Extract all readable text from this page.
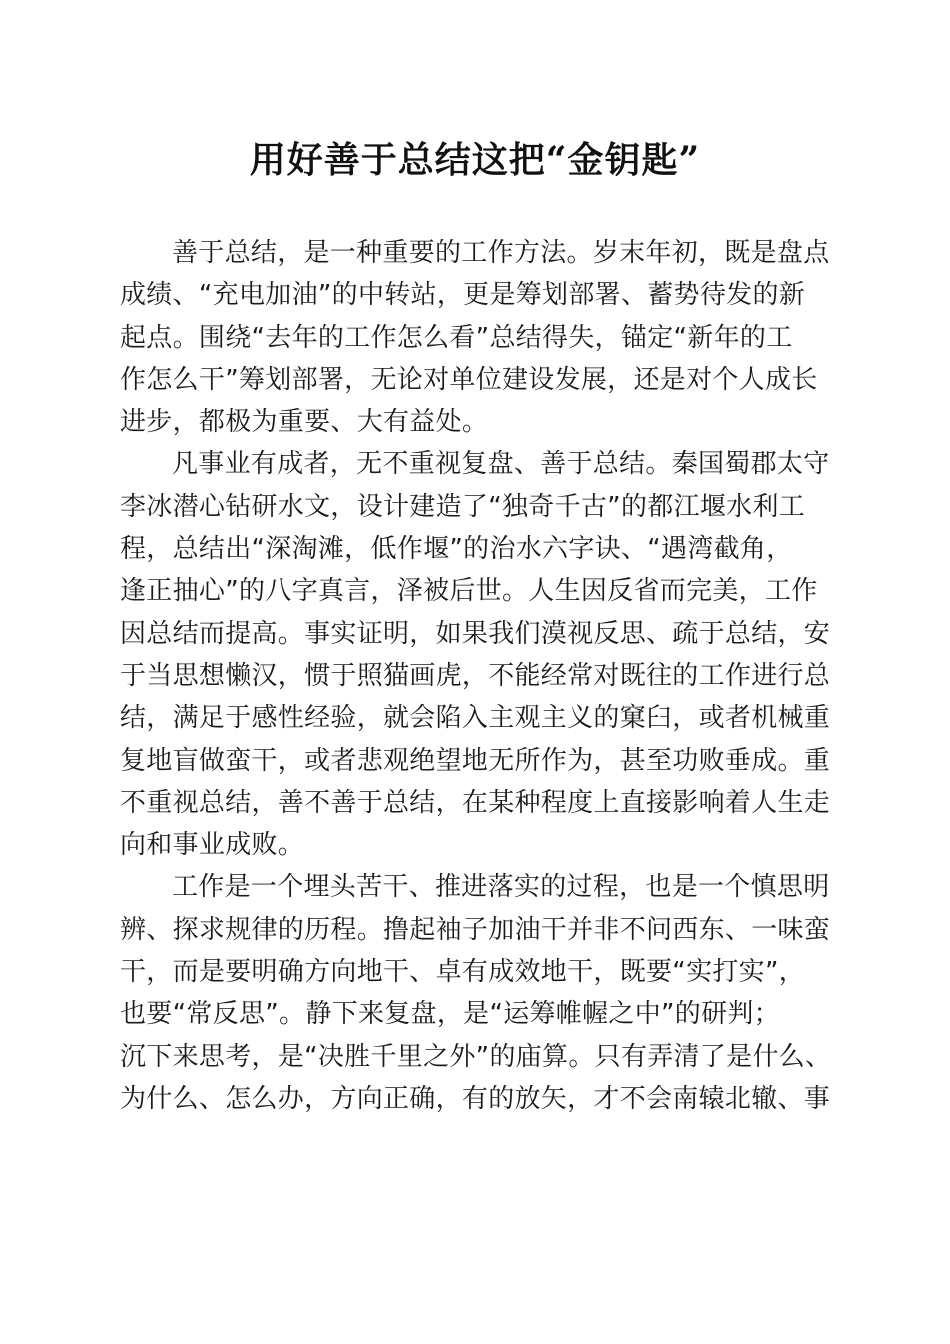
用好善于总结这把“金钥匙”
善于总结，是一种重要的工作方法。岁末年初，既是盘点
成绩、“充电加油”的中转站，更是筹划部署、蓄势待发的新
起点。围绕“去年的工作怎么看”总结得失，锚定“新年的工
作怎么干”筹划部署，无论对单位建设发展，还是对个人成长
进步，都极为重要、大有益处。
凡事业有成者，无不重视复盘、善于总结。秦国蜀郡太守
李冰潜心钻研水文，设计建造了“独奇千古”的都江堰水利工
程，总结出“深淘滩，低作堰”的治水六字诀、“遇湾截角，
逢正抽心”的八字真言，泽被后世。人生因反省而完美，工作
因总结而提高。事实证明，如果我们漠视反思、疏于总结，安
于当思想懒汉，惯于照猫画虎，不能经常对既往的工作进行总
结，满足于感性经验，就会陷入主观主义的窠臼，或者机械重
复地盲做蛮干，或者悲观绝望地无所作为，甚至功败垂成。重
不重视总结，善不善于总结，在某种程度上直接影响着人生走
向和事业成败。
工作是一个埋头苦干、推进落实的过程，也是一个慎思明
辨、探求规律的历程。撸起袖子加油干并非不问西东、一味蛮
干，而是要明确方向地干、卓有成效地干，既要“实打实”，
也要“常反思”。静下来复盘，是“运筹帷幄之中”的研判；
沉下来思考，是“决胜千里之外”的庙算。只有弄清了是什么、
为什么、怎么办，方向正确，有的放矢，才不会南辕北辙、事
